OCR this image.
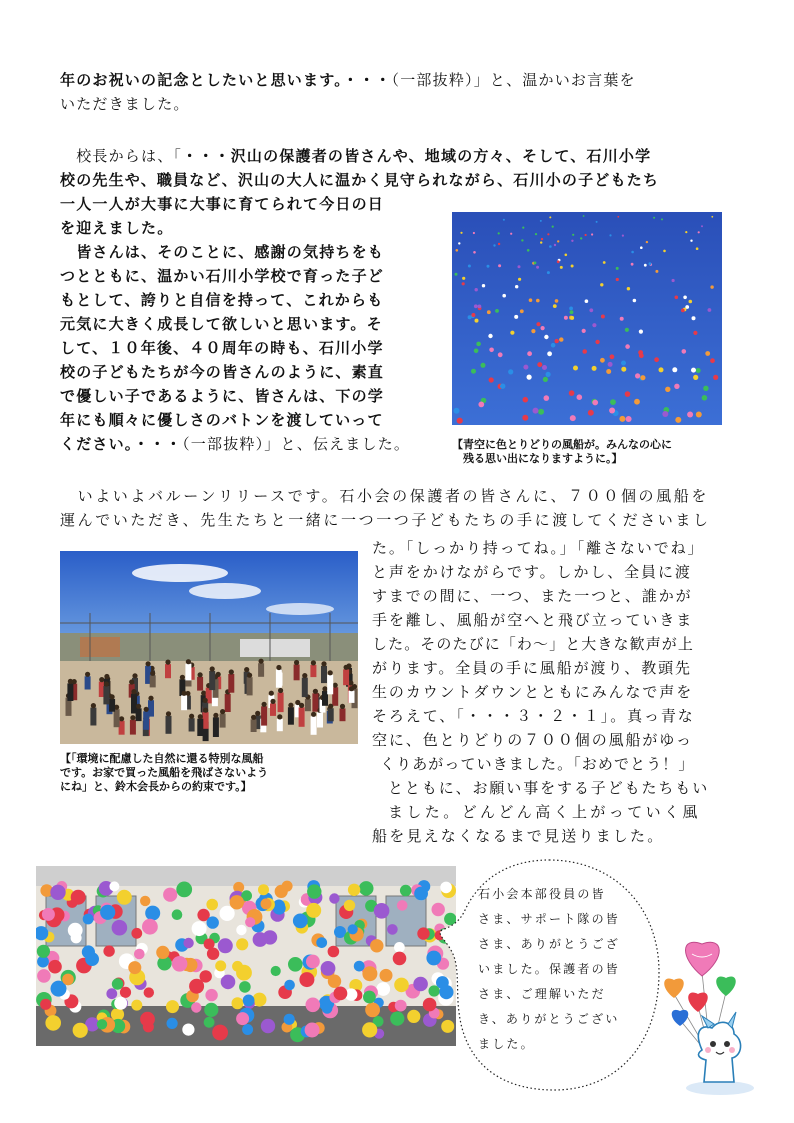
年のお祝いの記念としたいと思います。・・・（一部抜粋）」と、温かいお言葉を
いただきました。
　校長からは、「・・・沢山の保護者の皆さんや、地域の方々、そして、石川小学
校の先生や、職員など、沢山の大人に温かく見守られながら、石川小の子どもたち
一人一人が大事に大事に育てられて今日の日
を迎えました。
　皆さんは、そのことに、感謝の気持ちをも
つとともに、温かい石川小学校で育った子ど
もとして、誇りと自信を持って、これからも
元気に大きく成長して欲しいと思います。そ
して、１０年後、４０周年の時も、石川小学
校の子どもたちが今の皆さんのように、素直
で優しい子であるように、皆さんは、下の学
年にも順々に優しさのバトンを渡していって
ください。・・・（一部抜粋）」と、伝えました。	【青空に色とりどりの風船が。みんなの心に
　残る思い出になりますように。】
　いよいよバルーンリリースです。石小会の保護者の皆さんに、７００個の風船を
運んでいただき、先生たちと一緒に一つ一つ子どもたちの手に渡してくださいまし
【「環境に配慮した自然に還る特別な風船
です。お家で買った風船を飛ばさないよう
にね」と、鈴木会長からの約束です。】
た。「しっかり持ってね。」「離さないでね」
と声をかけながらです。しかし、全員に渡
すまでの間に、一つ、また一つと、誰かが
手を離し、風船が空へと飛び立っていきま
した。そのたびに「わ～」と大きな歓声が上
がります。全員の手に風船が渡り、教頭先
生のカウントダウンとともにみんなで声を
そろえて、「・・・３・２・１」。真っ青な
空に、色とりどりの７００個の風船がゆっ
くりあがっていきました。「おめでとう！」
とともに、お願い事をする子どもたちもい
ました。どんどん高く上がっていく風
船を見えなくなるまで見送りました。
石小会本部役員の皆
さま、サポート隊の皆
さま、ありがとうござ
いました。保護者の皆
さま、ご理解いただ
き、ありがとうござい
ました。
